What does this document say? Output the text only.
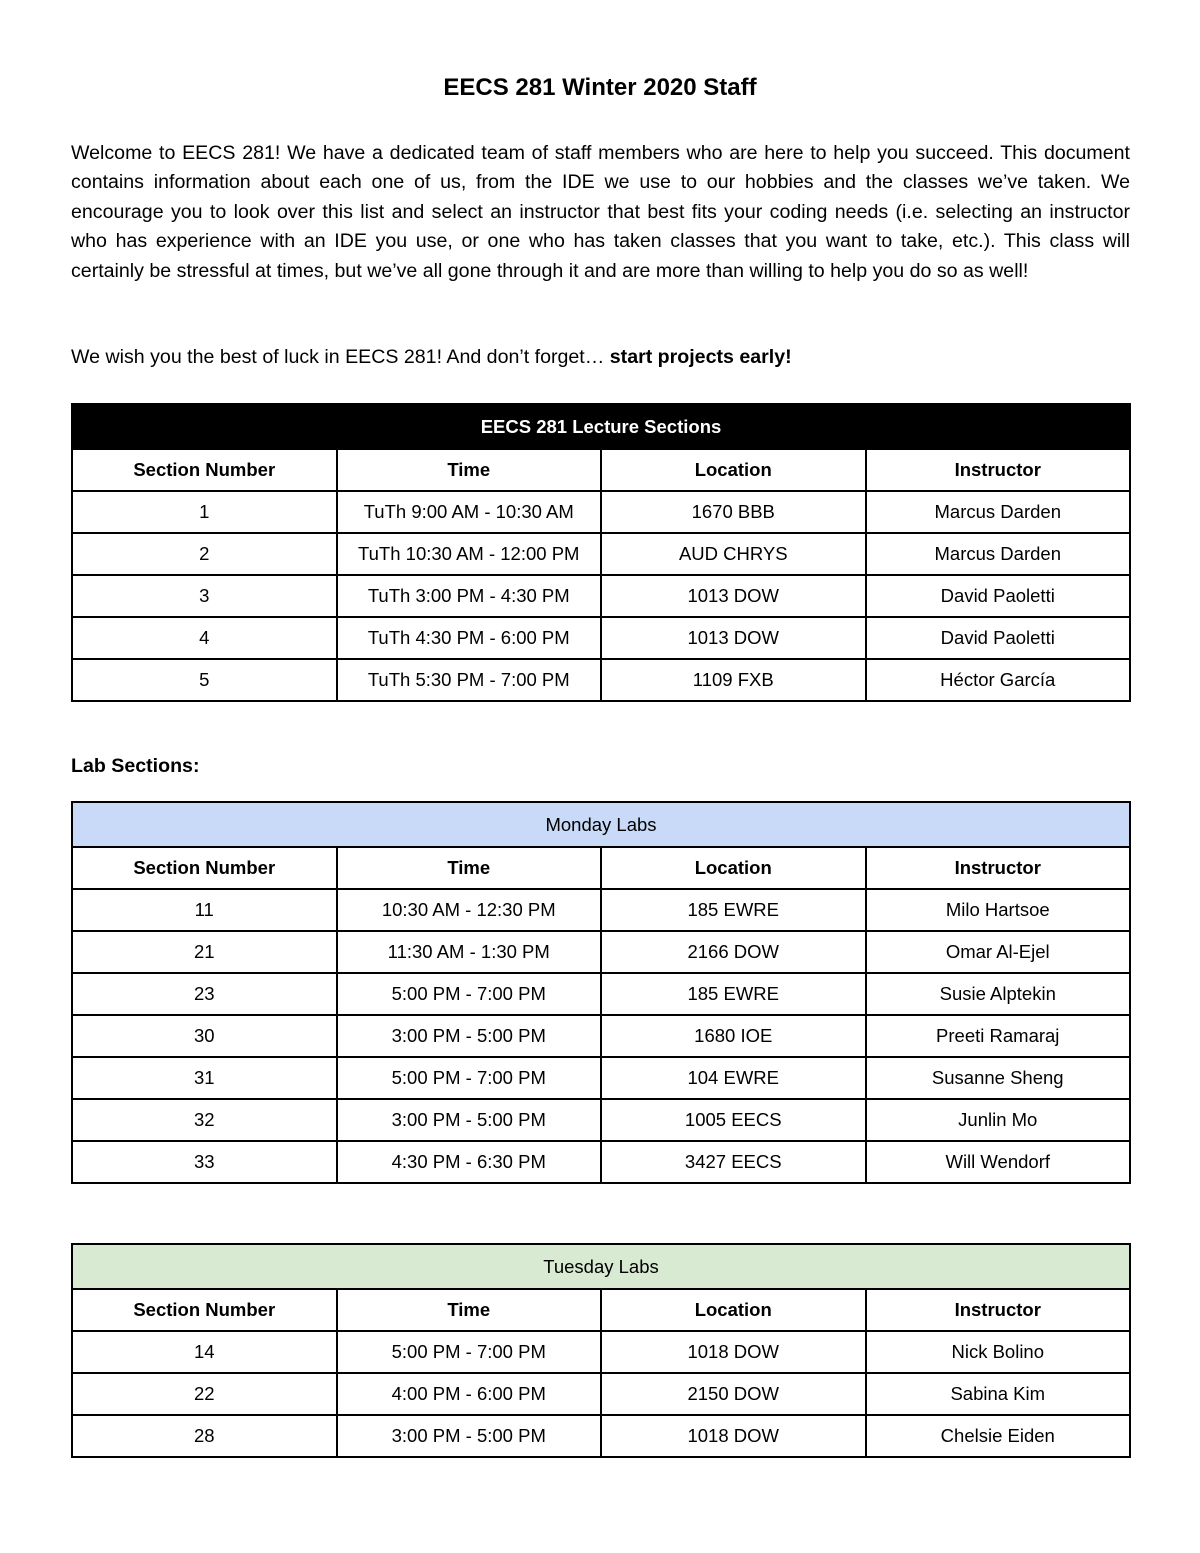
EECS 281 Winter 2020 Staff

Welcome to EECS 281! We have a dedicated team of staff members who are here to help you succeed. This document contains information about each one of us, from the IDE we use to our hobbies and the classes we’ve taken. We encourage you to look over this list and select an instructor that best fits your coding needs (i.e. selecting an instructor who has experience with an IDE you use, or one who has taken classes that you want to take, etc.). This class will certainly be stressful at times, but we’ve all gone through it and are more than willing to help you do so as well!

We wish you the best of luck in EECS 281! And don’t forget… start projects early!

EECS 281 Lecture Sections			
Section Number	Time	Location	Instructor
1	TuTh 9:00 AM - 10:30 AM	1670 BBB	Marcus Darden
2	TuTh 10:30 AM - 12:00 PM	AUD CHRYS	Marcus Darden
3	TuTh 3:00 PM - 4:30 PM	1013 DOW	David Paoletti
4	TuTh 4:30 PM - 6:00 PM	1013 DOW	David Paoletti
5	TuTh 5:30 PM - 7:00 PM	1109 FXB	Héctor García
Lab Sections:
Monday Labs			
Section Number	Time	Location	Instructor
11	10:30 AM - 12:30 PM	185 EWRE	Milo Hartsoe
21	11:30 AM - 1:30 PM	2166 DOW	Omar Al-Ejel
23	5:00 PM - 7:00 PM	185 EWRE	Susie Alptekin
30	3:00 PM - 5:00 PM	1680 IOE	Preeti Ramaraj
31	5:00 PM - 7:00 PM	104 EWRE	Susanne Sheng
32	3:00 PM - 5:00 PM	1005 EECS	Junlin Mo
33	4:30 PM - 6:30 PM	3427 EECS	Will Wendorf
Tuesday Labs			
Section Number	Time	Location	Instructor
14	5:00 PM - 7:00 PM	1018 DOW	Nick Bolino
22	4:00 PM - 6:00 PM	2150 DOW	Sabina Kim
28	3:00 PM - 5:00 PM	1018 DOW	Chelsie Eiden
